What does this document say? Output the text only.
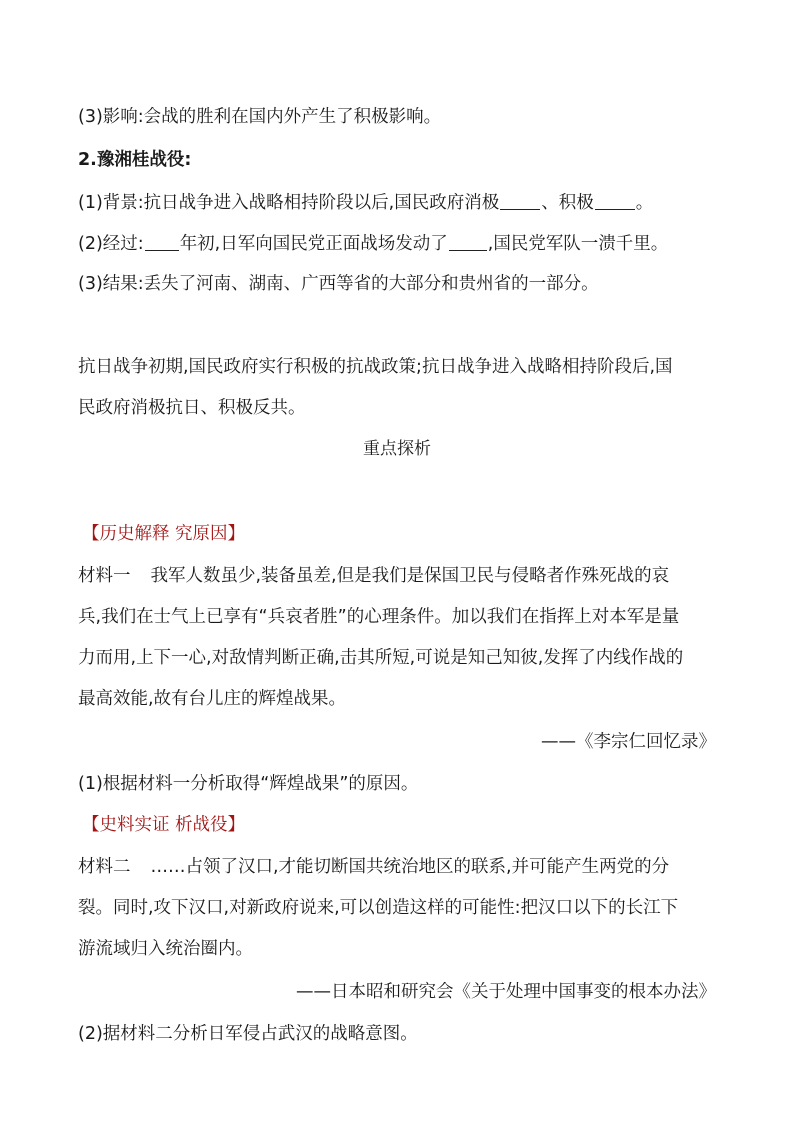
(3)影响:会战的胜利在国内外产生了积极影响。
2.豫湘桂战役:
(1)背景:抗日战争进入战略相持阶段以后,国民政府消极 、积极 。
(2)经过: 年初,日军向国民党正面战场发动了 ,国民党军队一溃千里。
(3)结果:丢失了河南、湖南、广西等省的大部分和贵州省的一部分。
抗日战争初期,国民政府实行积极的抗战政策;抗日战争进入战略相持阶段后,国
民政府消极抗日、积极反共。
重点探析
【历史解释 究原因】
材料一 我军人数虽少,装备虽差,但是我们是保国卫民与侵略者作殊死战的哀
兵,我们在士气上已享有“兵哀者胜”的心理条件。加以我们在指挥上对本军是量
力而用,上下一心,对敌情判断正确,击其所短,可说是知己知彼,发挥了内线作战的
最高效能,故有台儿庄的辉煌战果。
——《李宗仁回忆录》
(1)根据材料一分析取得“辉煌战果”的原因。
【史料实证 析战役】
材料二 ……占领了汉口,才能切断国共统治地区的联系,并可能产生两党的分
裂。同时,攻下汉口,对新政府说来,可以创造这样的可能性:把汉口以下的长江下
游流域归入统治圈内。
——日本昭和研究会《关于处理中国事变的根本办法》
(2)据材料二分析日军侵占武汉的战略意图。
